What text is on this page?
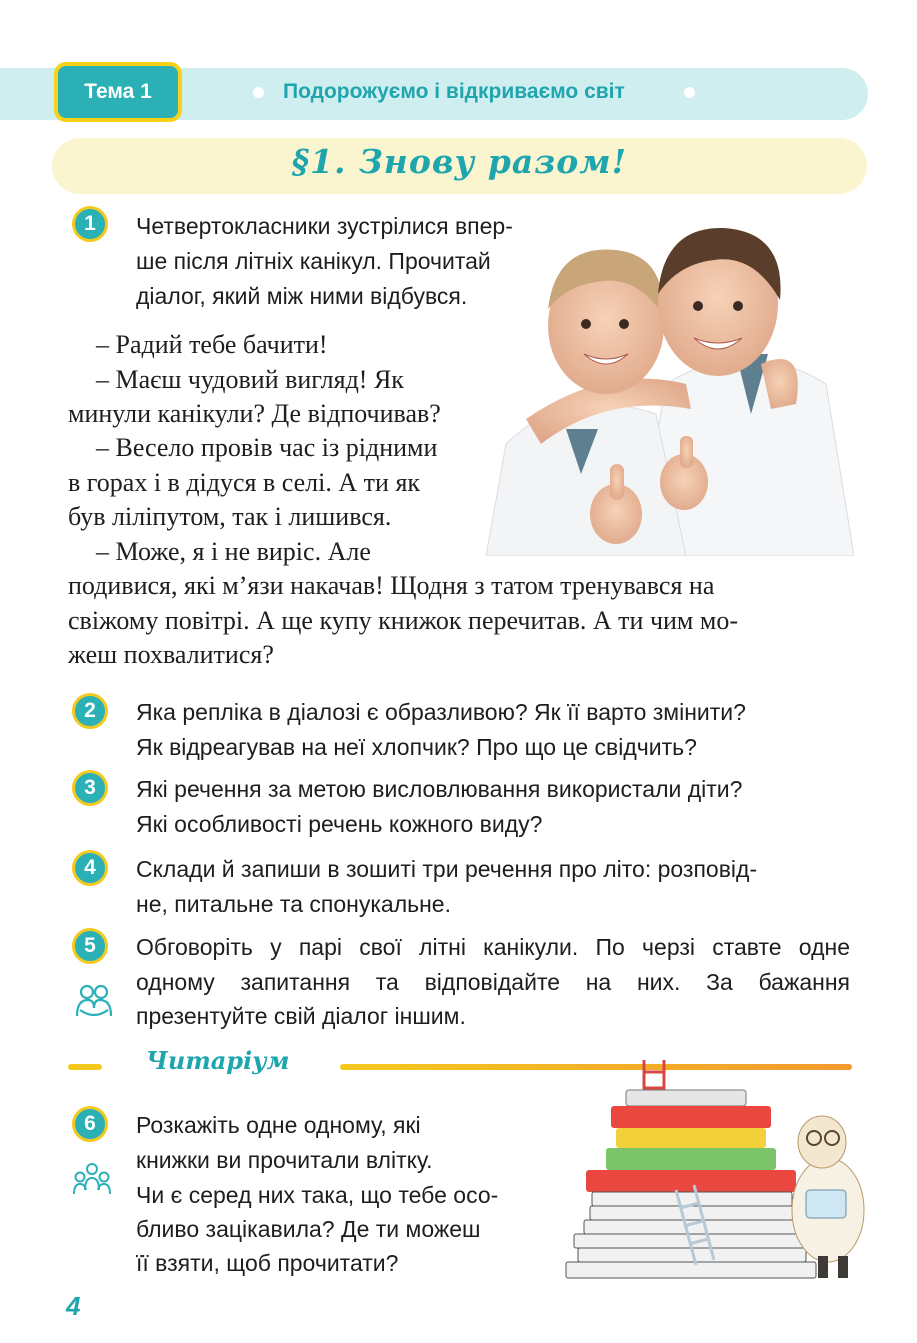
Тема 1	Подорожуємо і відкриваємо світ
§1. Знову разом!
1	Четвертокласники зустрілися впер-
ше після літніх канікул. Прочитай
діалог, який між ними відбувся.
– Радий тебе бачити!
– Маєш чудовий вигляд! Як
минули канікули? Де відпочивав?
– Весело провів час із рідними
в горах і в дідуся в селі. А ти як
був ліліпутом, так і лишився.
– Може, я і не виріс. Але
подивися, які м’язи накачав! Щодня з татом тренувався на
свіжому повітрі. А ще купу книжок перечитав. А ти чим мо-
жеш похвалитися?
2	Яка репліка в діалозі є образливою? Як її варто змінити?
Як відреагував на неї хлопчик? Про що це свідчить?
3	Які речення за метою висловлювання використали діти?
Які особливості речень кожного виду?
4	Склади й запиши в зошиті три речення про літо: розповід-
не, питальне та спонукальне.
5	Обговоріть у парі свої літні канікули. По черзі ставте одне
одному запитання та відповідайте на них. За бажання
презентуйте свій діалог іншим.
Читаріум
6	Розкажіть одне одному, які
книжки ви прочитали влітку.
Чи є серед них така, що тебе осо-
бливо зацікавила? Де ти можеш
її взяти, щоб прочитати?
4
